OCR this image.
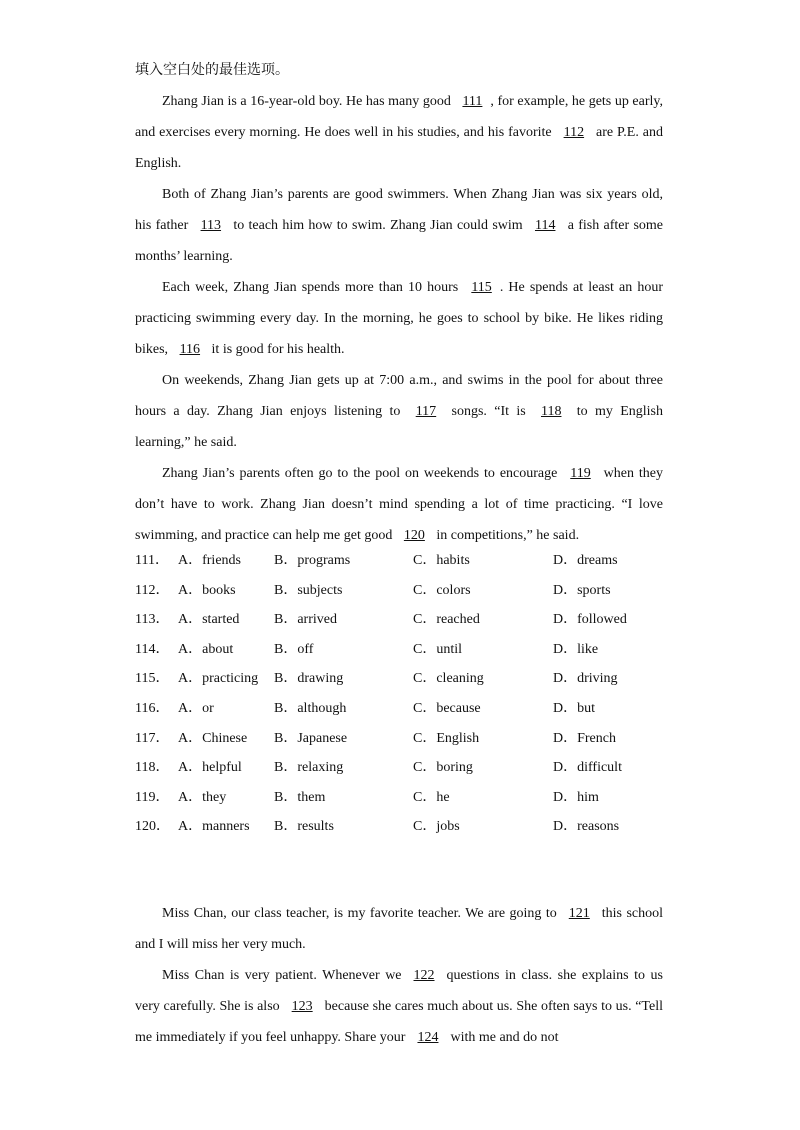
填入空白处的最佳选项。

Zhang Jian is a 16-year-old boy. He has many good 111 , for example, he gets up early, and exercises every morning. He does well in his studies, and his favorite 112 are P.E. and English.

Both of Zhang Jian’s parents are good swimmers. When Zhang Jian was six years old, his father 113 to teach him how to swim. Zhang Jian could swim 114 a fish after some months’ learning.

Each week, Zhang Jian spends more than 10 hours 115 . He spends at least an hour practicing swimming every day. In the morning, he goes to school by bike. He likes riding bikes, 116 it is good for his health.

On weekends, Zhang Jian gets up at 7:00 a.m., and swims in the pool for about three hours a day. Zhang Jian enjoys listening to 117 songs. “It is 118 to my English learning,” he said.

Zhang Jian’s parents often go to the pool on weekends to encourage 119 when they don’t have to work. Zhang Jian doesn’t mind spending a lot of time practicing. “I love swimming, and practice can help me get good 120 in competitions,” he said.

111． A．friends B．programs	C．habits	D．dreams
112． A．books	B．subjects	C．colors	D．sports
113． A．started B．arrived	C．reached	D．followed
114． A．about	B．off	C．until	D．like
115． A．practicing B．drawing	C．cleaning	D．driving
116． A．or	B．although	C．because	D．but
117． A．Chinese B．Japanese	C．English	D．French
118． A．helpful B．relaxing	C．boring	D．difficult
119． A．they	B．them	C．he	D．him
120． A．manners B．results	C．jobs	D．reasons

Miss Chan, our class teacher, is my favorite teacher. We are going to 121 this school and I will miss her very much.

Miss Chan is very patient. Whenever we 122 questions in class. she explains to us very carefully. She is also 123 because she cares much about us. She often says to us. “Tell me immediately if you feel unhappy. Share your 124 with me and do not
